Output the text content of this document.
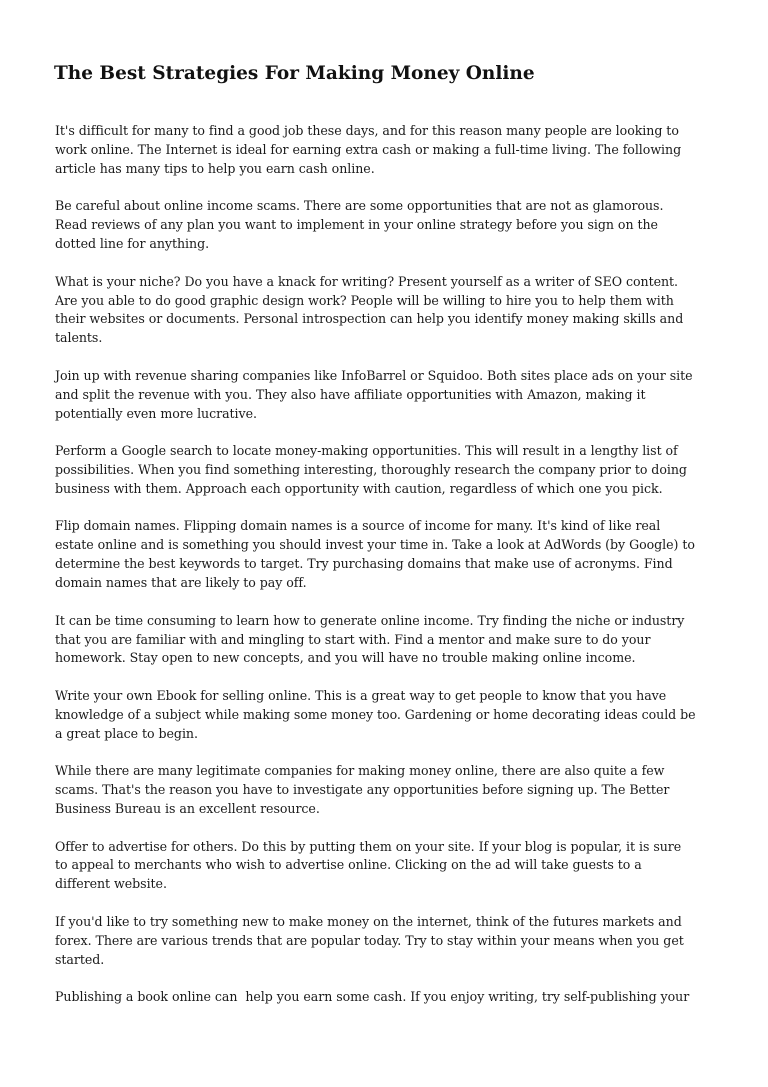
The Best Strategies For Making Money Online

It's difficult for many to find a good job these days, and for this reason many people are looking to
work online. The Internet is ideal for earning extra cash or making a full-time living. The following
article has many tips to help you earn cash online.

Be careful about online income scams. There are some opportunities that are not as glamorous.
Read reviews of any plan you want to implement in your online strategy before you sign on the
dotted line for anything.

What is your niche? Do you have a knack for writing? Present yourself as a writer of SEO content.
Are you able to do good graphic design work? People will be willing to hire you to help them with
their websites or documents. Personal introspection can help you identify money making skills and
talents.

Join up with revenue sharing companies like InfoBarrel or Squidoo. Both sites place ads on your site
and split the revenue with you. They also have affiliate opportunities with Amazon, making it
potentially even more lucrative.

Perform a Google search to locate money-making opportunities. This will result in a lengthy list of
possibilities. When you find something interesting, thoroughly research the company prior to doing
business with them. Approach each opportunity with caution, regardless of which one you pick.

Flip domain names. Flipping domain names is a source of income for many. It's kind of like real
estate online and is something you should invest your time in. Take a look at AdWords (by Google) to
determine the best keywords to target. Try purchasing domains that make use of acronyms. Find
domain names that are likely to pay off.

It can be time consuming to learn how to generate online income. Try finding the niche or industry
that you are familiar with and mingling to start with. Find a mentor and make sure to do your
homework. Stay open to new concepts, and you will have no trouble making online income.

Write your own Ebook for selling online. This is a great way to get people to know that you have
knowledge of a subject while making some money too. Gardening or home decorating ideas could be
a great place to begin.

While there are many legitimate companies for making money online, there are also quite a few
scams. That's the reason you have to investigate any opportunities before signing up. The Better
Business Bureau is an excellent resource.

Offer to advertise for others. Do this by putting them on your site. If your blog is popular, it is sure
to appeal to merchants who wish to advertise online. Clicking on the ad will take guests to a
different website.

If you'd like to try something new to make money on the internet, think of the futures markets and
forex. There are various trends that are popular today. Try to stay within your means when you get
started.

Publishing a book online can  help you earn some cash. If you enjoy writing, try self-publishing your
